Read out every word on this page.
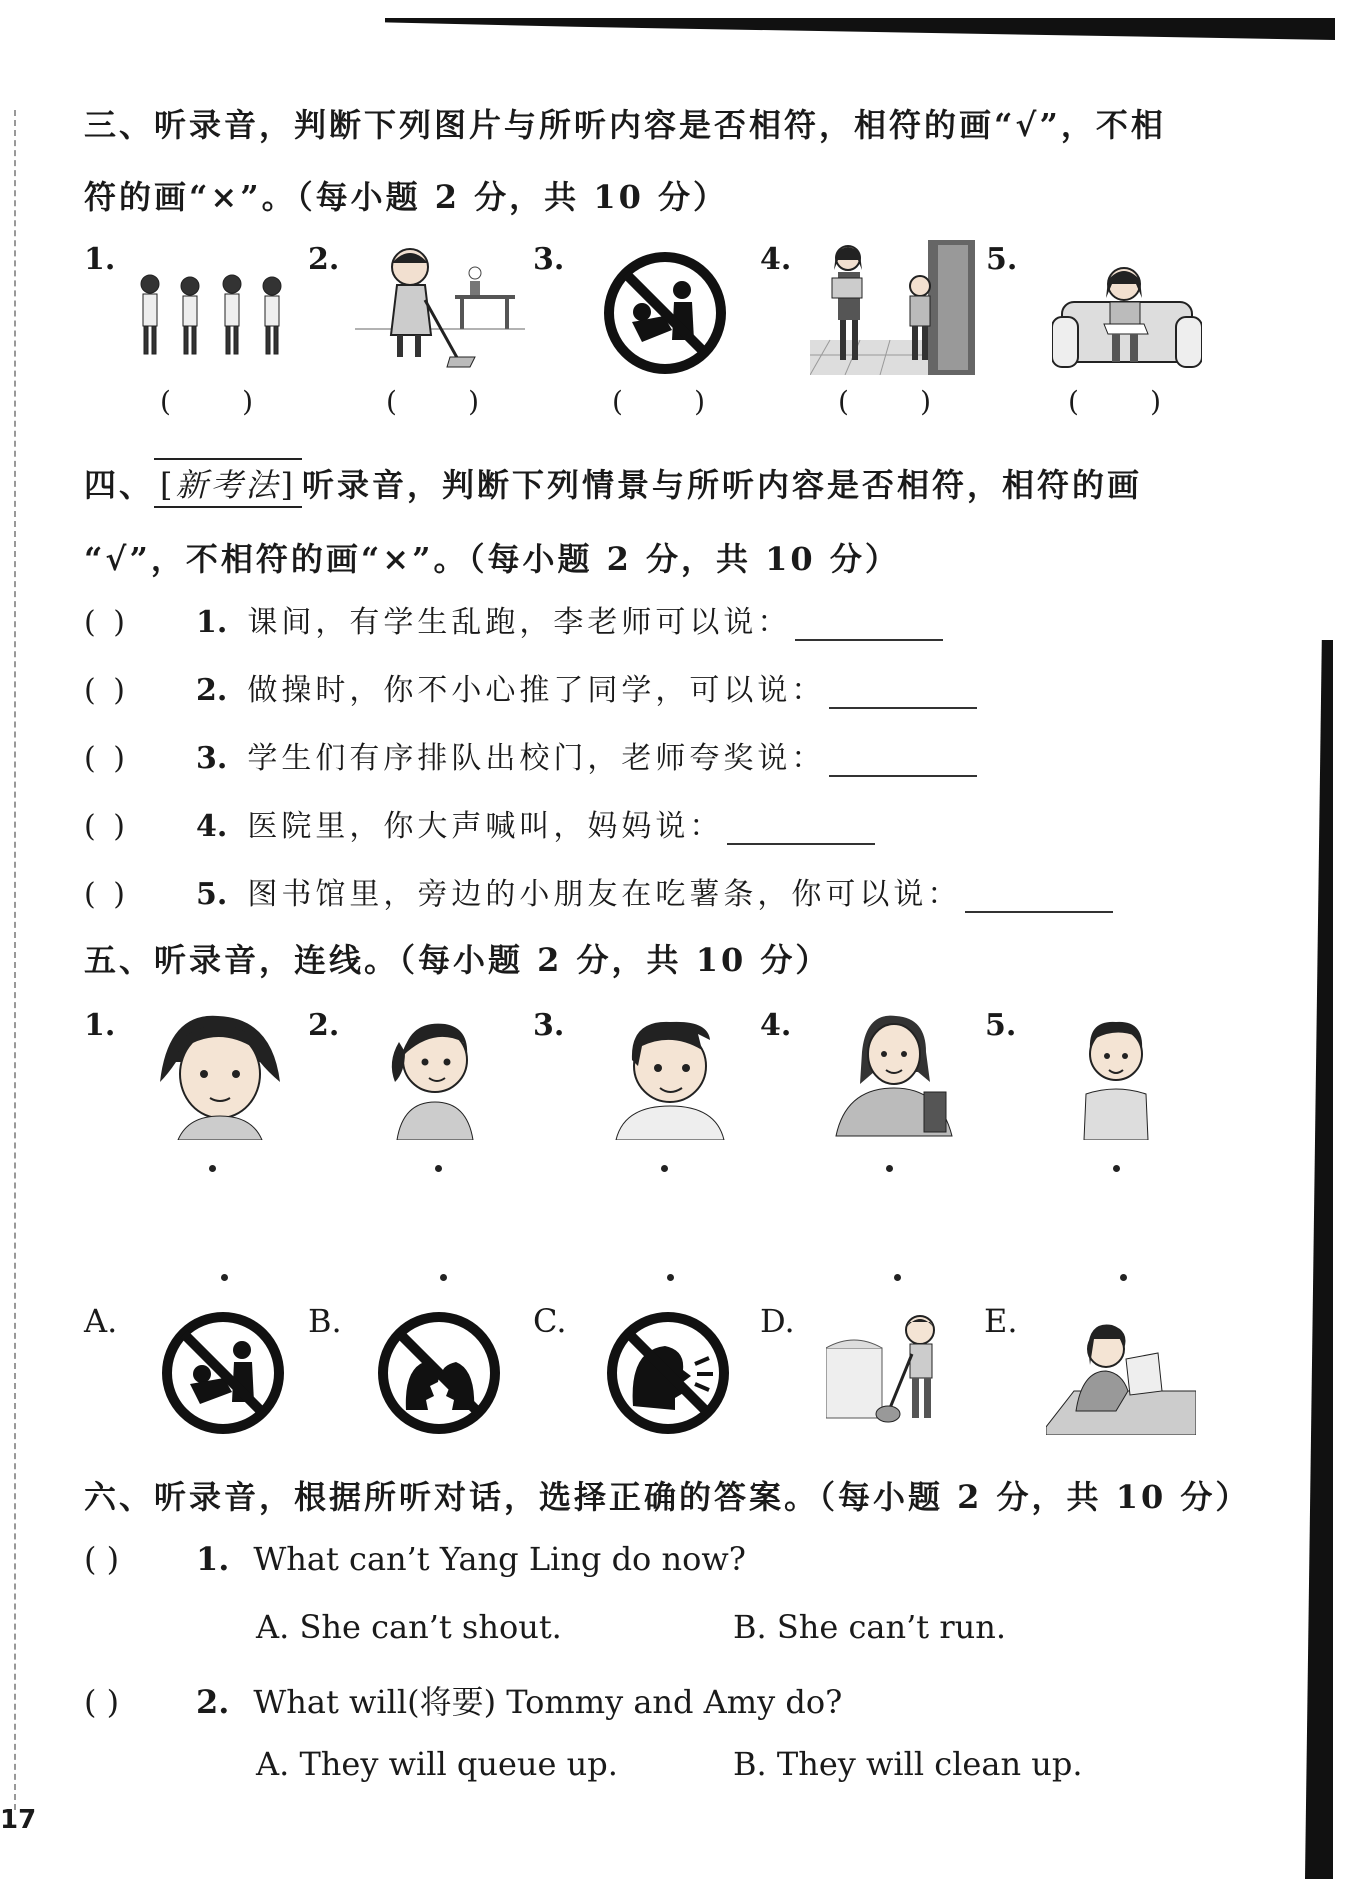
三、听录音，判断下列图片与所听内容是否相符，相符的画“√”，不相
符的画“×”。（每小题 2 分，共 10 分）
1.	2.	3.	4.	5.
(        )	(        )	(        )	(        )	(        )
四、[ 新考法 ] 听录音，判断下列情景与所听内容是否相符，相符的画
“√”，不相符的画“×”。（每小题 2 分，共 10 分）
( ) 1. 课间，有学生乱跑，李老师可以说：
( ) 2. 做操时，你不小心推了同学，可以说：
( ) 3. 学生们有序排队出校门，老师夸奖说：
( ) 4. 医院里，你大声喊叫，妈妈说：
( ) 5. 图书馆里，旁边的小朋友在吃薯条，你可以说：
五、听录音，连线。（每小题 2 分，共 10 分）
1.	2.	3.	4.	5.
A.	B.	C.	D.	E.
六、听录音，根据所听对话，选择正确的答案。（每小题 2 分，共 10 分）
( ) 1. What can’t Yang Ling do now?
A. She can’t shout.	B. She can’t run.
( ) 2. What will(将要) Tommy and Amy do?
A. They will queue up.	B. They will clean up.
17
